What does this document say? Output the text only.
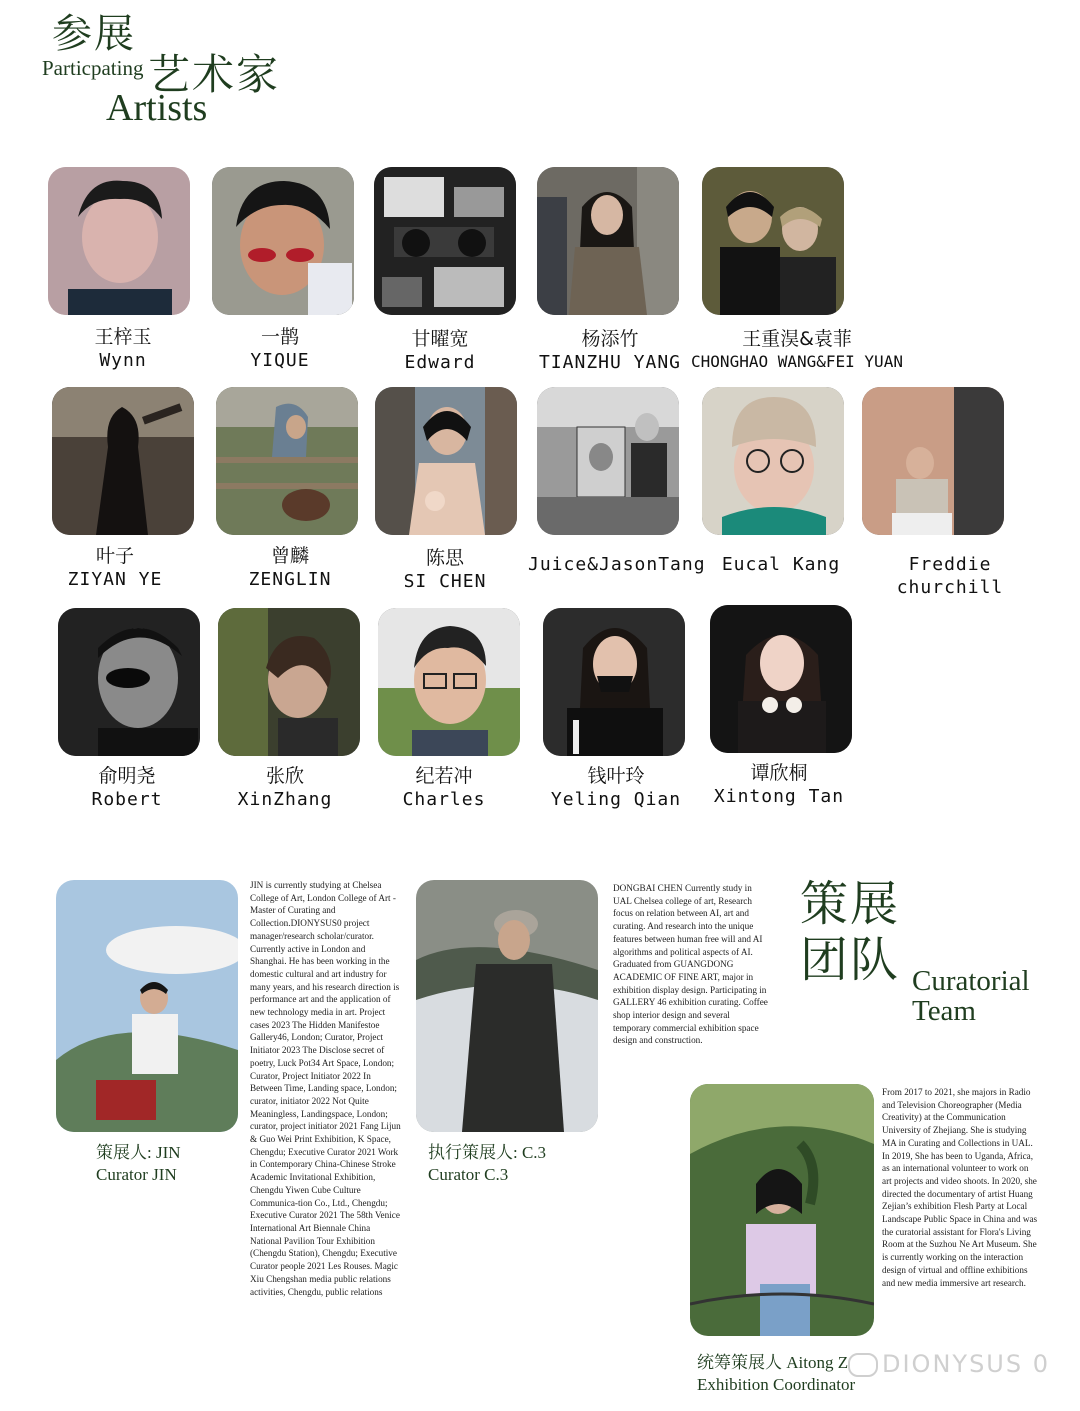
参展
Particpating 艺术家
Artists
王梓玉
Wynn
一鹊
YIQUE
甘曜宽
Edward
杨添竹
TIANZHU YANG
王重淏&袁菲
CHONGHAO WANG&FEI YUAN
叶子
ZIYAN YE
曾麟
ZENGLIN
陈思
SI CHEN
Juice&JasonTang Eucal Kang	Freddie churchill
俞明尧
Robert
张欣
XinZhang
纪若冲
Charles
钱叶玲
Yeling Qian
谭欣桐
Xintong Tan
JIN is currently studying at Chelsea College of Art, London College of Art - Master of Curating and Collection.DIONYSUS0 project manager/research scholar/curator. Currently active in London and Shanghai. He has been working in the domestic cultural and art industry for many years, and his research direction is performance art and the application of new technology media in art. Project cases 2023 The Hidden Manifestoe Gallery46, London; Curator, Project Initiator 2023 The Disclose secret of poetry, Luck Pot34 Art Space, London; Curator, Project Initiator 2022 In Between Time, Landing space, London; curator, initiator 2022 Not Quite Meaningless, Landingspace, London; curator, project initiator 2021 Fang Lijun & Guo Wei Print Exhibition, K Space, Chengdu; Executive Curator 2021 Work in Contemporary China-Chinese Stroke Academic Invitational Exhibition, Chengdu Yiwen Cube Culture Communica-tion Co., Ltd., Chengdu; Executive Curator 2021 The 58th Venice International Art Biennale China National Pavilion Tour Exhibition (Chengdu Station), Chengdu; Executive Curator people 2021 Les Rouses. Magic Xiu Chengshan media public relations activities, Chengdu, public relations
策展人: JIN
Curator JIN
DONGBAI CHEN Currently study in UAL Chelsea college of art, Research focus on relation between AI, art and curating. And research into the unique features between human free will and AI algorithms and political aspects of AI. Graduated from GUANGDONG ACADEMIC OF FINE ART, major in exhibition display design. Participating in GALLERY 46 exhibition curating. Coffee shop interior design and several temporary commercial exhibition space design and construction.
执行策展人: C.3
Curator C.3
策展
团队 Curatorial
Team
From 2017 to 2021, she majors in Radio and Television Choreographer (Media Creativity) at the Communication University of Zhejiang. She is studying MA in Curating and Collections in UAL. In 2019, She has been to Uganda, Africa, as an international volunteer to work on art projects and video shoots. In 2020, she directed the documentary of artist Huang Zejian’s exhibition Flesh Party at Local Landscape Public Space in China and was the curatorial assistant for Flora's Living Room at the Suzhou Ne Art Museum. She is currently working on the interaction design of virtual and offline exhibitions and new media immersive art research.
统筹策展人 Aitong Z
Exhibition Coordinator
DIONYSUS 0
